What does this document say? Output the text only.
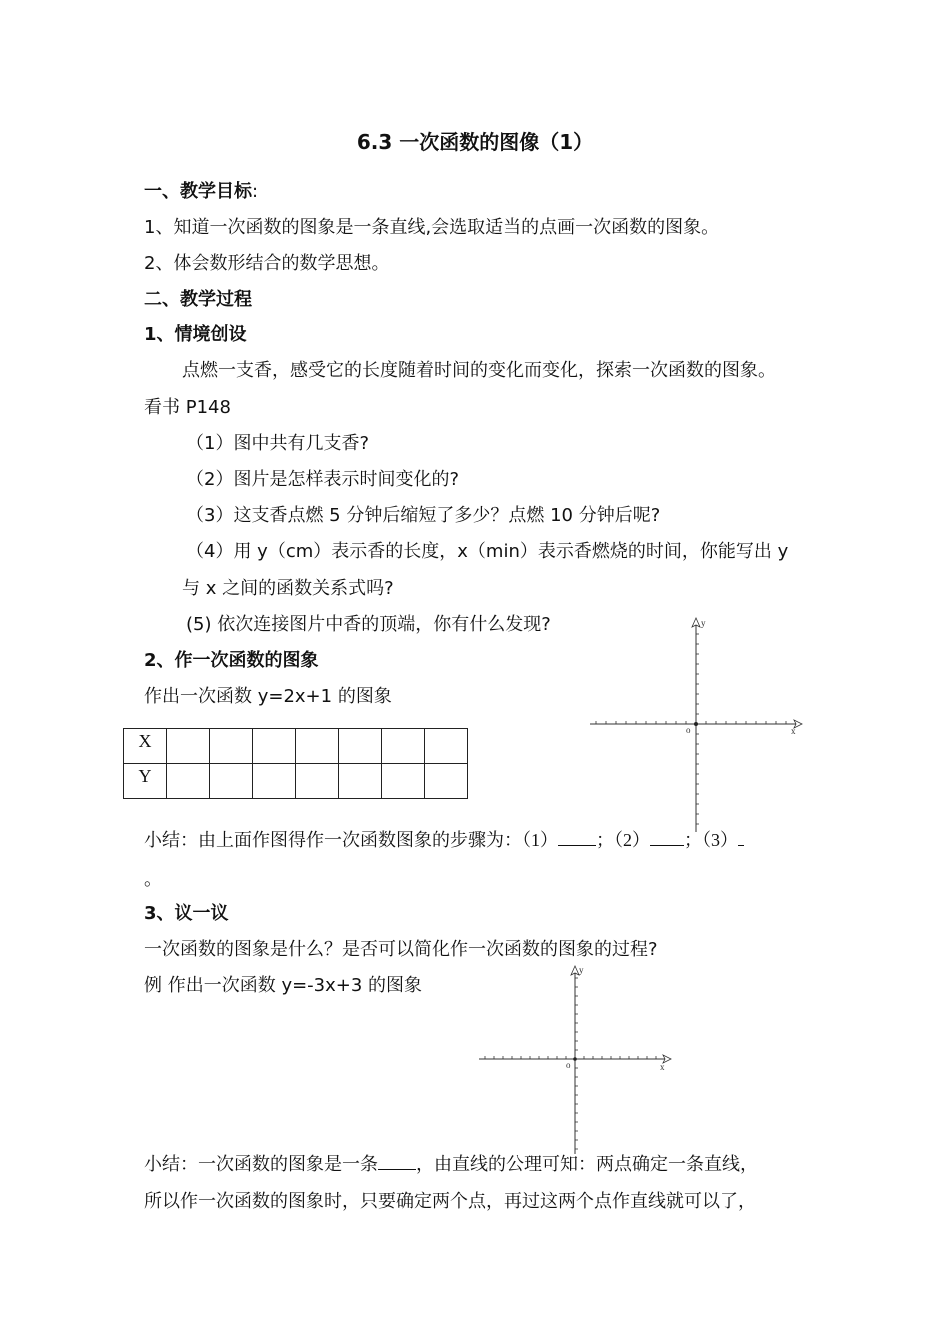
6.3 一次函数的图像（1）
一、教学目标:
1、知道一次函数的图象是一条直线,会选取适当的点画一次函数的图象。
2、体会数形结合的数学思想。
二、教学过程
1、情境创设
点燃一支香，感受它的长度随着时间的变化而变化，探索一次函数的图象。
看书 P148
（1）图中共有几支香?
（2）图片是怎样表示时间变化的?
（3）这支香点燃 5 分钟后缩短了多少？点燃 10 分钟后呢?
（4）用 y（cm）表示香的长度，x（min）表示香燃烧的时间，你能写出 y
与 x 之间的函数关系式吗?
(5) 依次连接图片中香的顶端，你有什么发现?
2、作一次函数的图象
作出一次函数 y=2x+1 的图象
X							
Y							
o	x
y
小结：由上面作图得作一次函数图象的步骤为：（1） ；（2） ；（3）
。
3、议一议
一次函数的图象是什么？是否可以简化作一次函数的图象的过程?
例 作出一次函数 y=-3x+3 的图象
o	x
y
小结：一次函数的图象是一条 ，由直线的公理可知：两点确定一条直线，
所以作一次函数的图象时，只要确定两个点，再过这两个点作直线就可以了，
